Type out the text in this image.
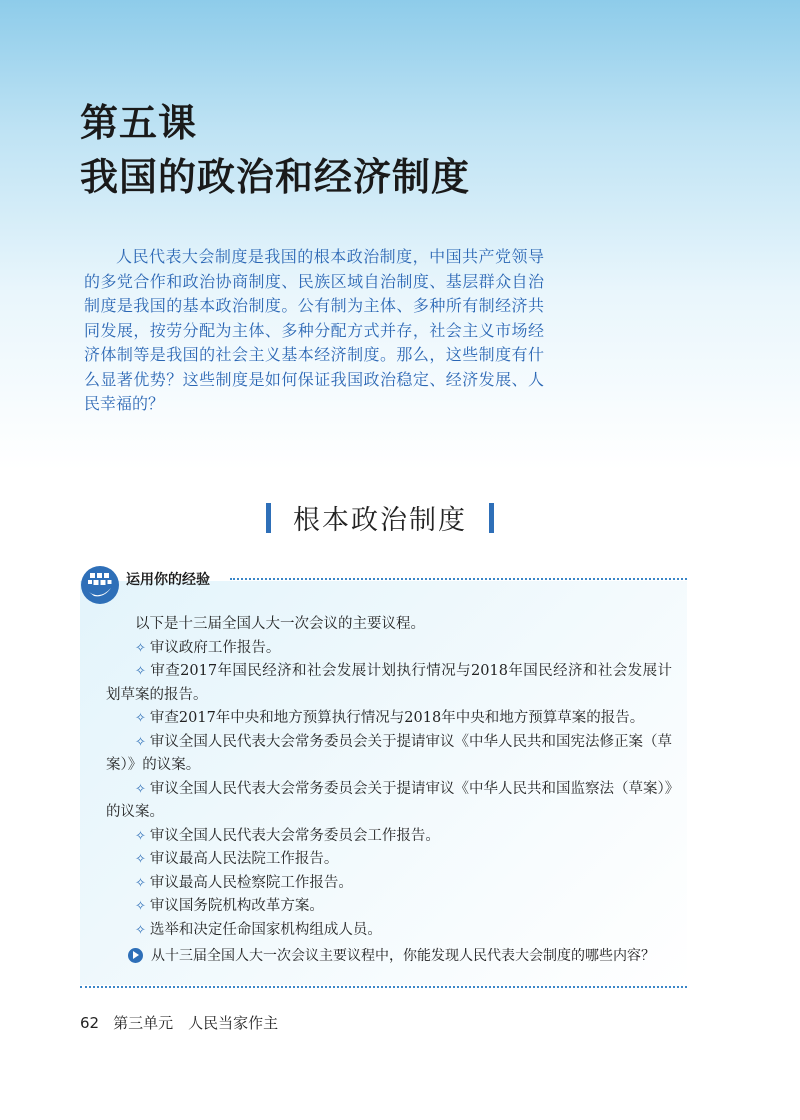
第五课
我国的政治和经济制度

人民代表大会制度是我国的根本政治制度，中国共产党领导的多党合作和政治协商制度、民族区域自治制度、基层群众自治制度是我国的基本政治制度。公有制为主体、多种所有制经济共同发展，按劳分配为主体、多种分配方式并存，社会主义市场经济体制等是我国的社会主义基本经济制度。那么，这些制度有什么显著优势？这些制度是如何保证我国政治稳定、经济发展、人民幸福的？

根本政治制度
运用你的经验

以下是十三届全国人大一次会议的主要议程。

✧ 审议政府工作报告。

✧ 审查2017年国民经济和社会发展计划执行情况与2018年国民经济和社会发展计划草案的报告。

✧ 审查2017年中央和地方预算执行情况与2018年中央和地方预算草案的报告。

✧ 审议全国人民代表大会常务委员会关于提请审议《中华人民共和国宪法修正案（草案）》的议案。

✧ 审议全国人民代表大会常务委员会关于提请审议《中华人民共和国监察法（草案）》的议案。

✧ 审议全国人民代表大会常务委员会工作报告。

✧ 审议最高人民法院工作报告。

✧ 审议最高人民检察院工作报告。

✧ 审议国务院机构改革方案。

✧ 选举和决定任命国家机构组成人员。

从十三届全国人大一次会议主要议程中，你能发现人民代表大会制度的哪些内容？
62 第三单元　人民当家作主
